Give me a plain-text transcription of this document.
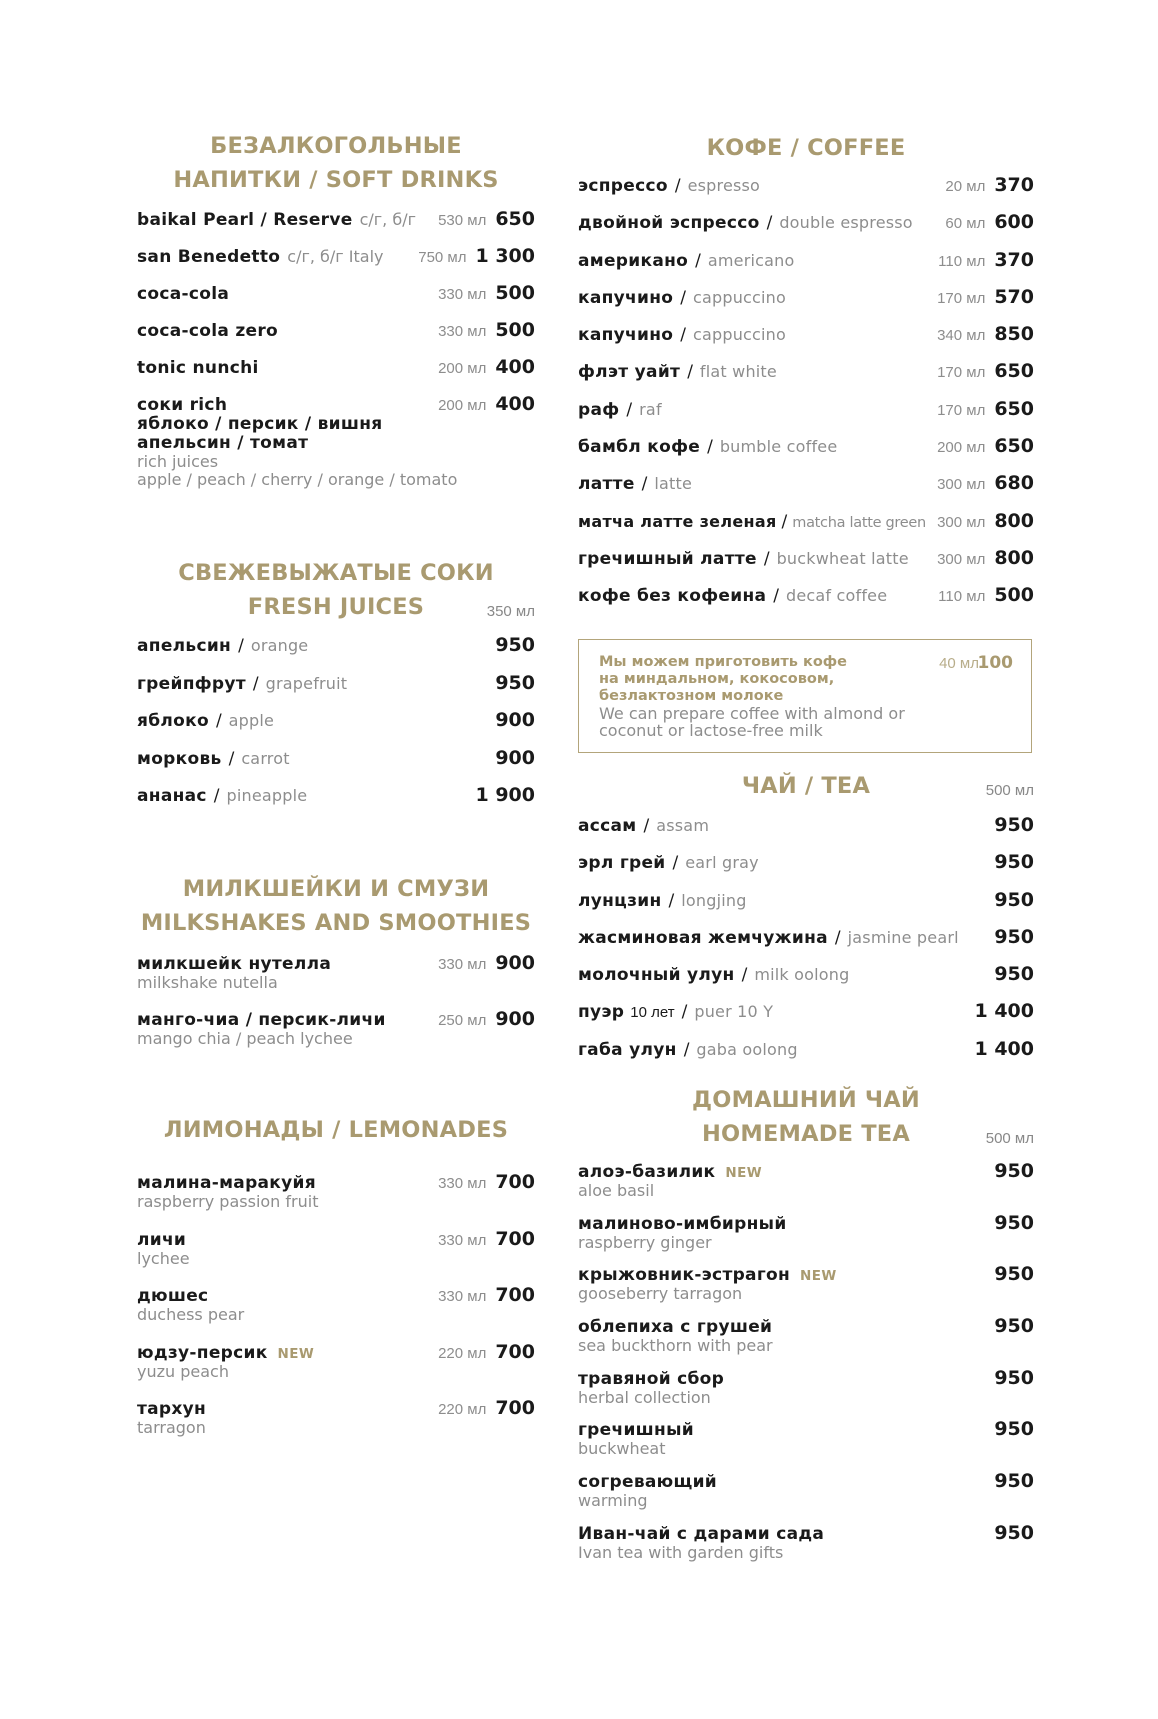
БЕЗАЛКОГОЛЬНЫЕ
НАПИТКИ / SOFT DRINKS
baikal Pearl / Reserve с/г, б/г 530 мл 650
san Benedetto с/г, б/г Italy 750 мл 1 300
coca-cola	330 мл 500
coca-cola zero	330 мл 500
tonic nunchi	200 мл 400
соки rich	200 мл 400
яблоко / персик / вишня
апельсин / томат
rich juices
apple / peach / cherry / orange / tomato
СВЕЖЕВЫЖАТЫЕ СОКИ
FRESH JUICES	350 мл
апельсин / orange	950
грейпфрут / grapefruit	950
яблоко / apple	900
морковь / carrot	900
ананас / pineapple	1 900
МИЛКШЕЙКИ И СМУЗИ
MILKSHAKES AND SMOOTHIES
милкшейк нутелла	330 мл 900
milkshake nutella
манго-чиа / персик-личи	250 мл 900
mango chia / peach lychee
ЛИМОНАДЫ / LEMONADES
малина-маракуйя	330 мл 700
raspberry passion fruit
личи	330 мл 700
lychee
дюшес	330 мл 700
duchess pear
юдзу-персик NEW	220 мл 700
yuzu peach
тархун	220 мл 700
tarragon
КОФЕ / COFFEE
эспрессо / espresso	20 мл 370
двойной эспрессо / double espresso 60 мл 600
американо / americano	110 мл 370
капучино / cappuccino	170 мл 570
капучино / cappuccino	340 мл 850
флэт уайт / flat white	170 мл 650
раф / raf	170 мл 650
бамбл кофе / bumble coffee	200 мл 650
латте / latte	300 мл 680
матча латте зеленая / matcha latte green 300 мл 800
гречишный латте / buckwheat latte 300 мл 800
кофе без кофеина / decaf coffee	110 мл 500
Мы можем приготовить кофе
на миндальном, кокосовом,
безлактозном молоке
We can prepare coffee with almond or
coconut or lactose-free milk
40 мл
100
ЧАЙ / TEA	500 мл
ассам / assam	950
эрл грей / earl gray	950
лунцзин / longjing	950
жасминовая жемчужина / jasmine pearl 950
молочный улун / milk oolong	950
пуэр 10 лет / puer 10 Y	1 400
габа улун / gaba oolong	1 400
ДОМАШНИЙ ЧАЙ
HOMEMADE TEA	500 мл
алоэ-базилик NEW	950
aloe basil
малиново-имбирный	950
raspberry ginger
крыжовник-эстрагон NEW	950
gooseberry tarragon
облепиха с грушей	950
sea buckthorn with pear
травяной сбор	950
herbal collection
гречишный	950
buckwheat
согревающий	950
warming
Иван-чай с дарами сада	950
Ivan tea with garden gifts
